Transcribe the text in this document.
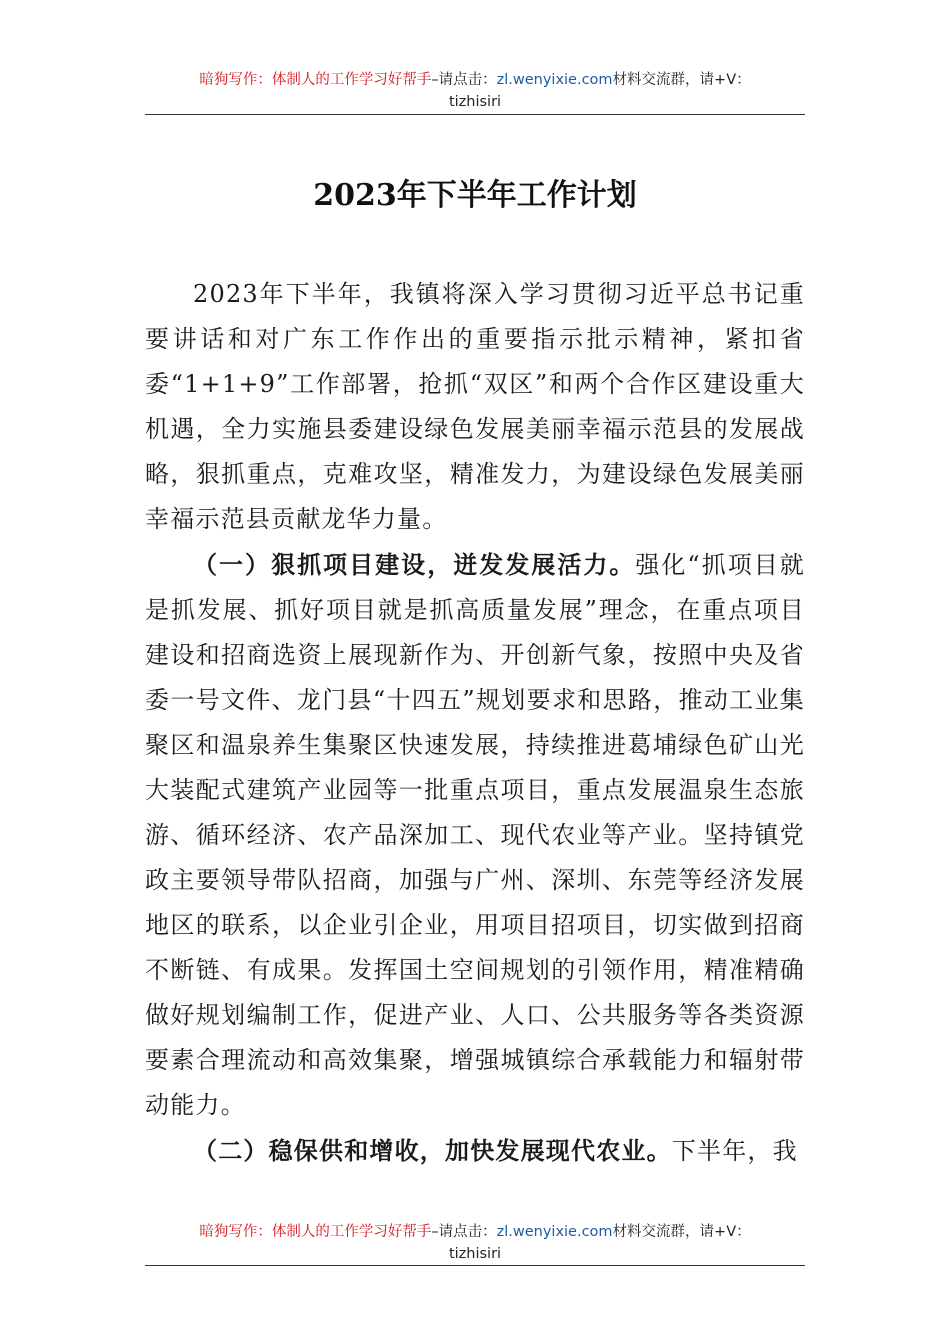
暗狗写作：体制人的工作学习好帮手–请点击：zl.wenyixie.com材料交流群，请+V：
tizhisiri
2023年下半年工作计划

2023年下半年，我镇将深入学习贯彻习近平总书记重要讲话和对广东工作作出的重要指示批示精神，紧扣省委“1+1+9”工作部署，抢抓“双区”和两个合作区建设重大机遇，全力实施县委建设绿色发展美丽幸福示范县的发展战略，狠抓重点，克难攻坚，精准发力，为建设绿色发展美丽幸福示范县贡献龙华力量。

（一）狠抓项目建设，迸发发展活力。强化“抓项目就是抓发展、抓好项目就是抓高质量发展”理念，在重点项目建设和招商选资上展现新作为、开创新气象，按照中央及省委一号文件、龙门县“十四五”规划要求和思路，推动工业集聚区和温泉养生集聚区快速发展，持续推进葛埔绿色矿山光大装配式建筑产业园等一批重点项目，重点发展温泉生态旅游、循环经济、农产品深加工、现代农业等产业。坚持镇党政主要领导带队招商，加强与广州、深圳、东莞等经济发展地区的联系，以企业引企业，用项目招项目，切实做到招商不断链、有成果。发挥国土空间规划的引领作用，精准精确做好规划编制工作，促进产业、人口、公共服务等各类资源要素合理流动和高效集聚，增强城镇综合承载能力和辐射带动能力。

（二）稳保供和增收，加快发展现代农业。下半年，我

暗狗写作：体制人的工作学习好帮手–请点击：zl.wenyixie.com材料交流群，请+V：
tizhisiri
